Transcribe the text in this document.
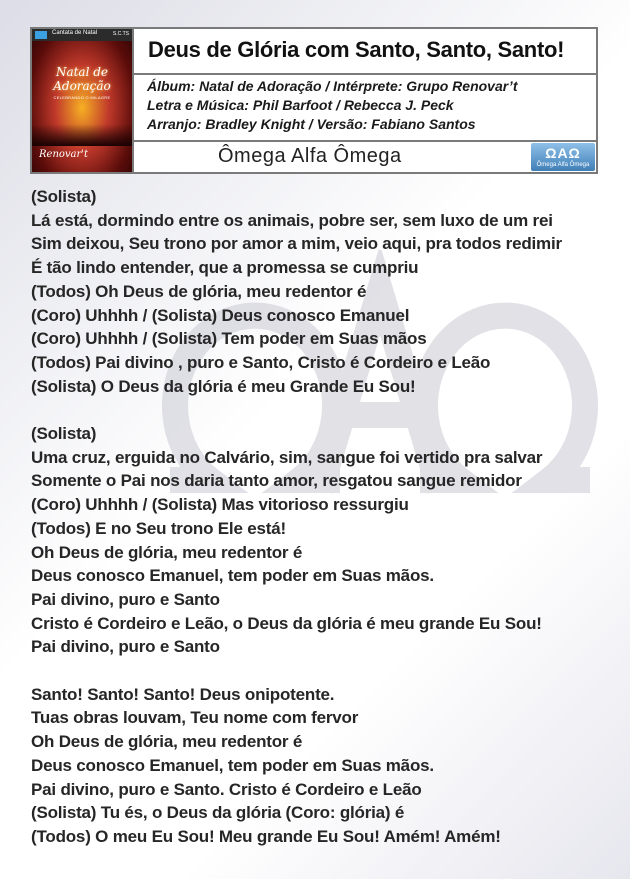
Cantata de Natal	S.C.TS
Natal de
Adoração
CELEBRANDO O MILAGRE
Renovar't
Deus de Glória com Santo, Santo, Santo!
Álbum: Natal de Adoração / Intérprete: Grupo Renovar’t
Letra e Música: Phil Barfoot / Rebecca J. Peck
Arranjo: Bradley Knight / Versão: Fabiano Santos
Ômega Alfa Ômega	ΩΑΩ
Ômega Alfa Ômega
(Solista)
Lá está, dormindo entre os animais, pobre ser, sem luxo de um rei
Sim deixou, Seu trono por amor a mim, veio aqui, pra todos redimir
É tão lindo entender, que a promessa se cumpriu
(Todos) Oh Deus de glória, meu redentor é
(Coro) Uhhhh / (Solista) Deus conosco Emanuel
(Coro) Uhhhh / (Solista) Tem poder em Suas mãos
(Todos) Pai divino , puro e Santo, Cristo é Cordeiro e Leão
(Solista) O Deus da glória é meu Grande Eu Sou!
(Solista)
Uma cruz, erguida no Calvário, sim, sangue foi vertido pra salvar
Somente o Pai nos daria tanto amor, resgatou sangue remidor
(Coro) Uhhhh / (Solista) Mas vitorioso ressurgiu
(Todos) E no Seu trono Ele está!
Oh Deus de glória, meu redentor é
Deus conosco Emanuel, tem poder em Suas mãos.
Pai divino, puro e Santo
Cristo é Cordeiro e Leão, o Deus da glória é meu grande Eu Sou!
Pai divino, puro e Santo
Santo! Santo! Santo! Deus onipotente.
Tuas obras louvam, Teu nome com fervor
Oh Deus de glória, meu redentor é
Deus conosco Emanuel, tem poder em Suas mãos.
Pai divino, puro e Santo. Cristo é Cordeiro e Leão
(Solista) Tu és, o Deus da glória (Coro: glória) é
(Todos) O meu Eu Sou! Meu grande Eu Sou! Amém! Amém!
